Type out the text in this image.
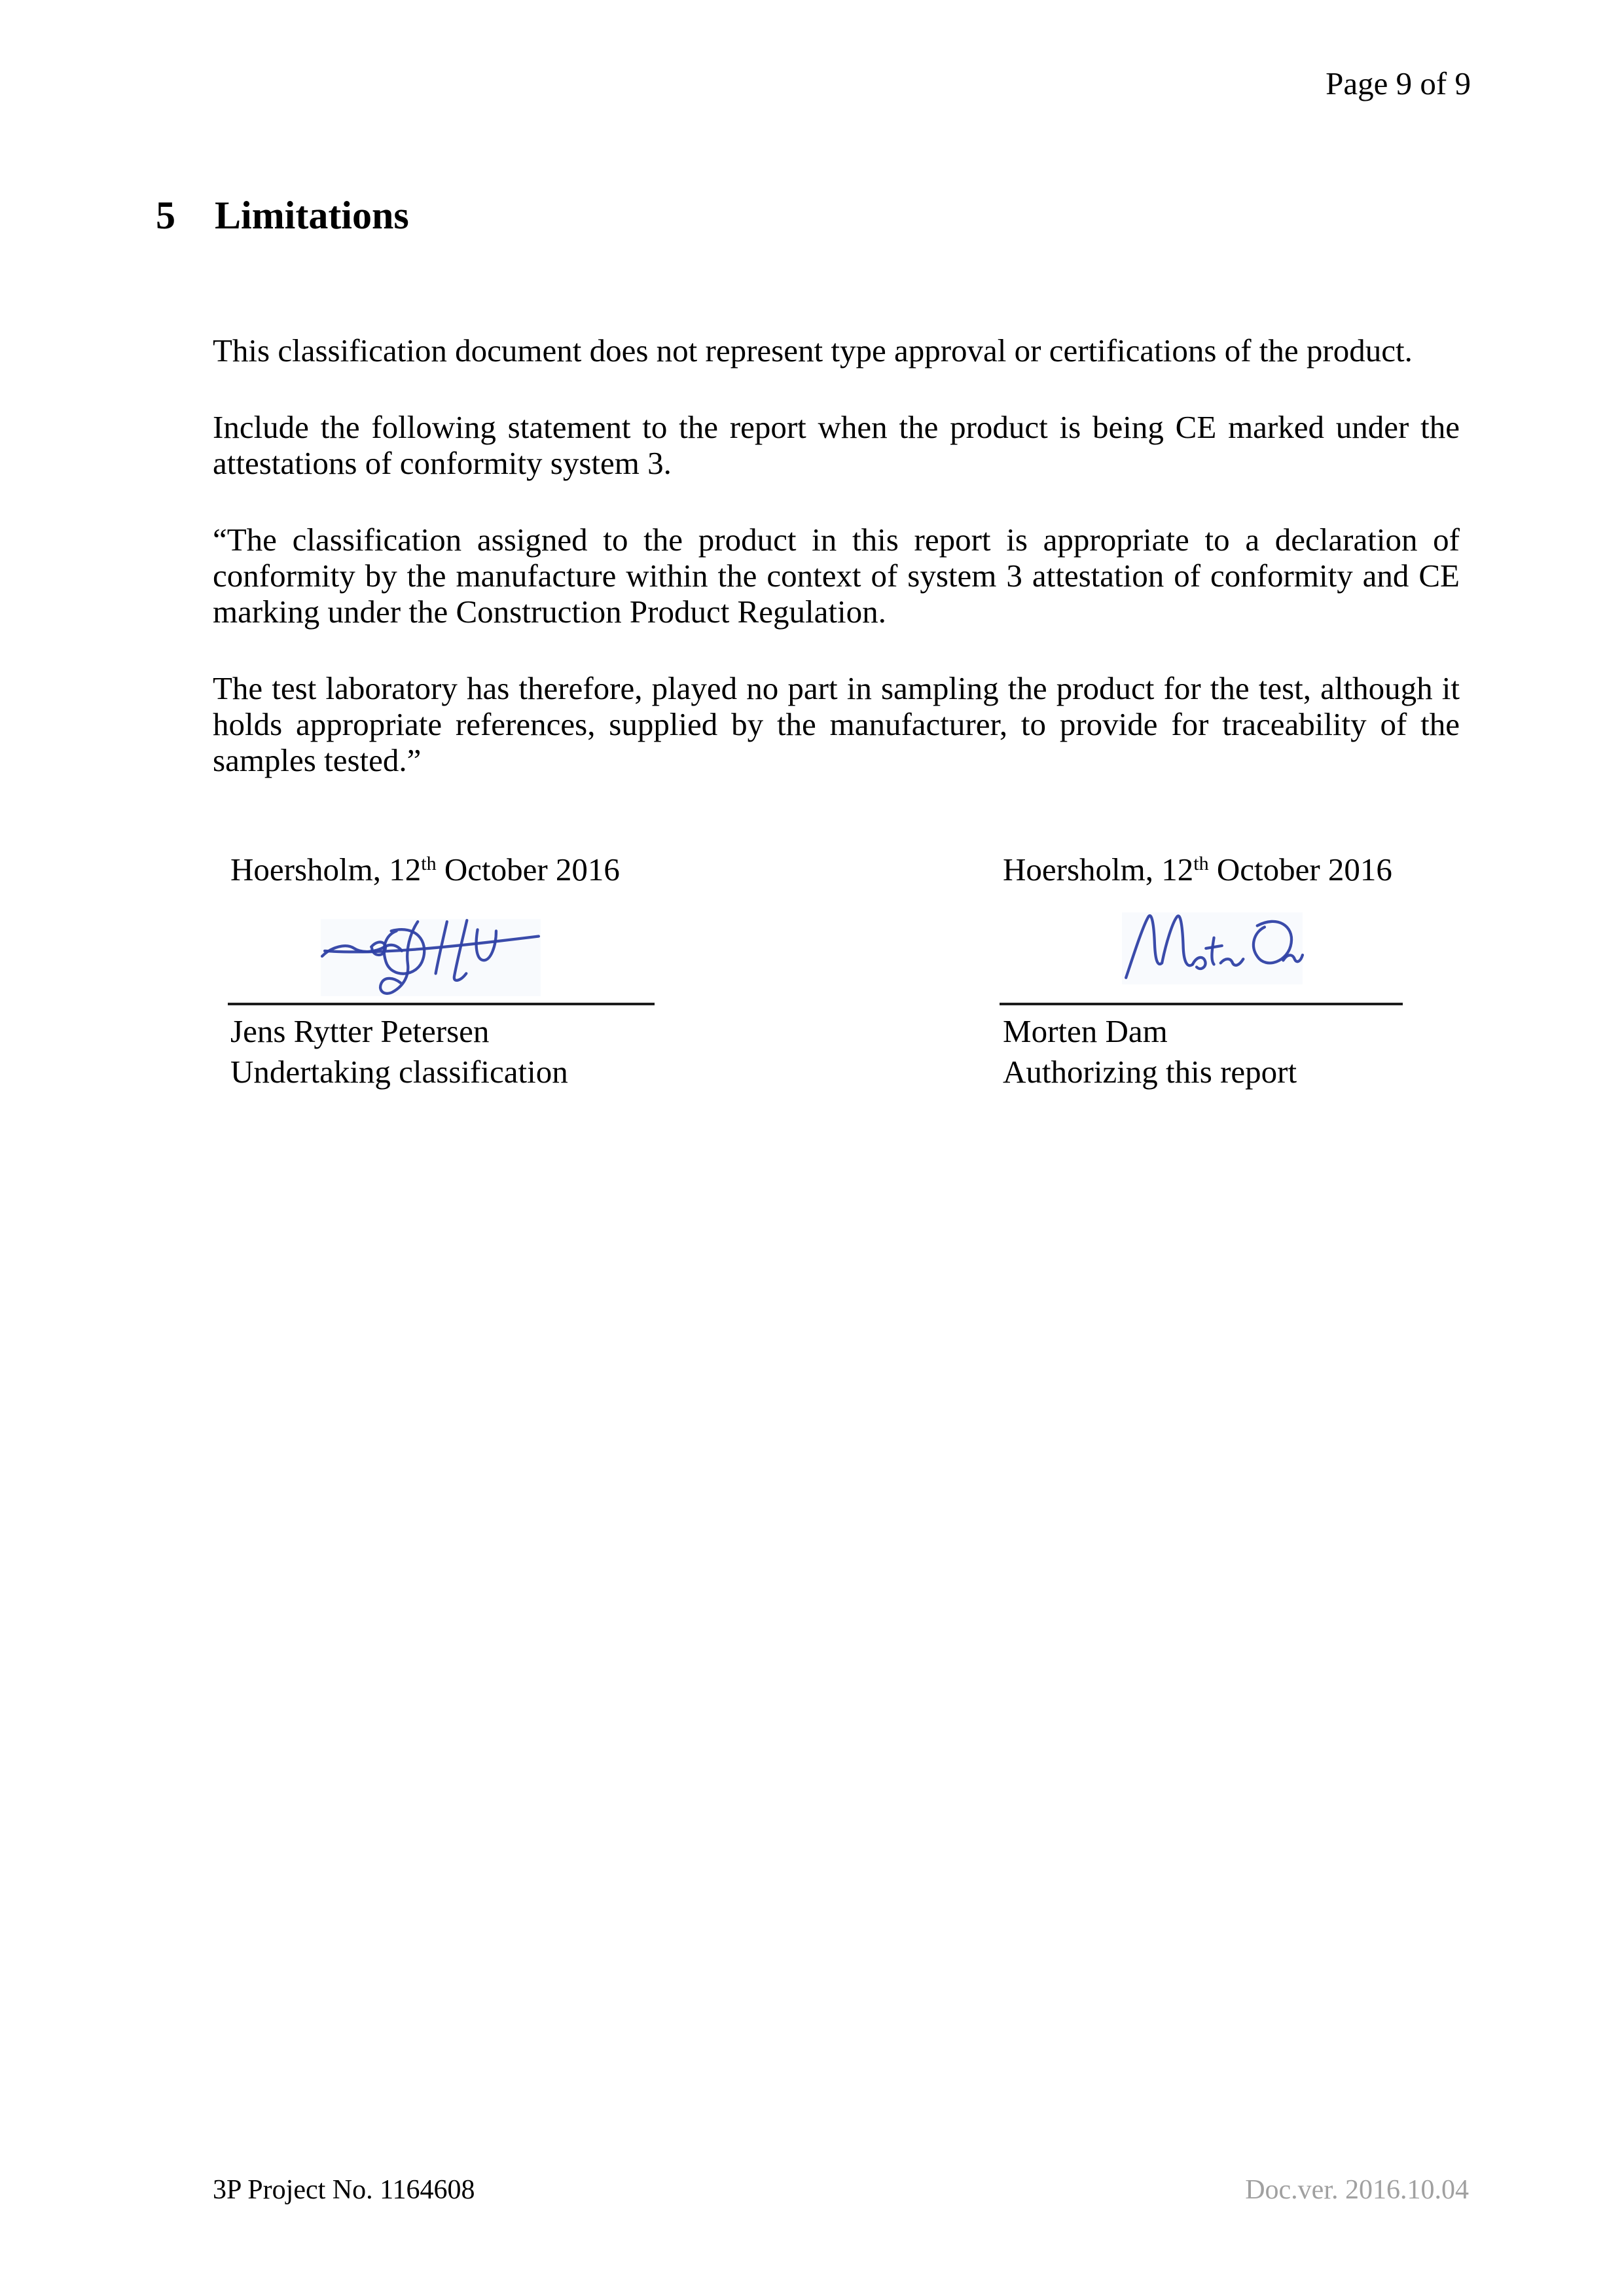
Page 9 of 9
5 Limitations

This classification document does not represent type approval or certifications of the product.

Include the following statement to the report when the product is being CE marked under the attestations of conformity system 3.

“The classification assigned to the product in this report is appropriate to a declaration of conformity by the manufacture within the context of system 3 attestation of conformity and CE marking under the Construction Product Regulation.

The test laboratory has therefore, played no part in sampling the product for the test, although it holds appropriate references, supplied by the manufacturer, to provide for traceability of the samples tested.”

Hoersholm, 12th October 2016
Jens Rytter Petersen
Undertaking classification
Hoersholm, 12th October 2016
Morten Dam
Authorizing this report
3P Project No. 1164608	Doc.ver. 2016.10.04
